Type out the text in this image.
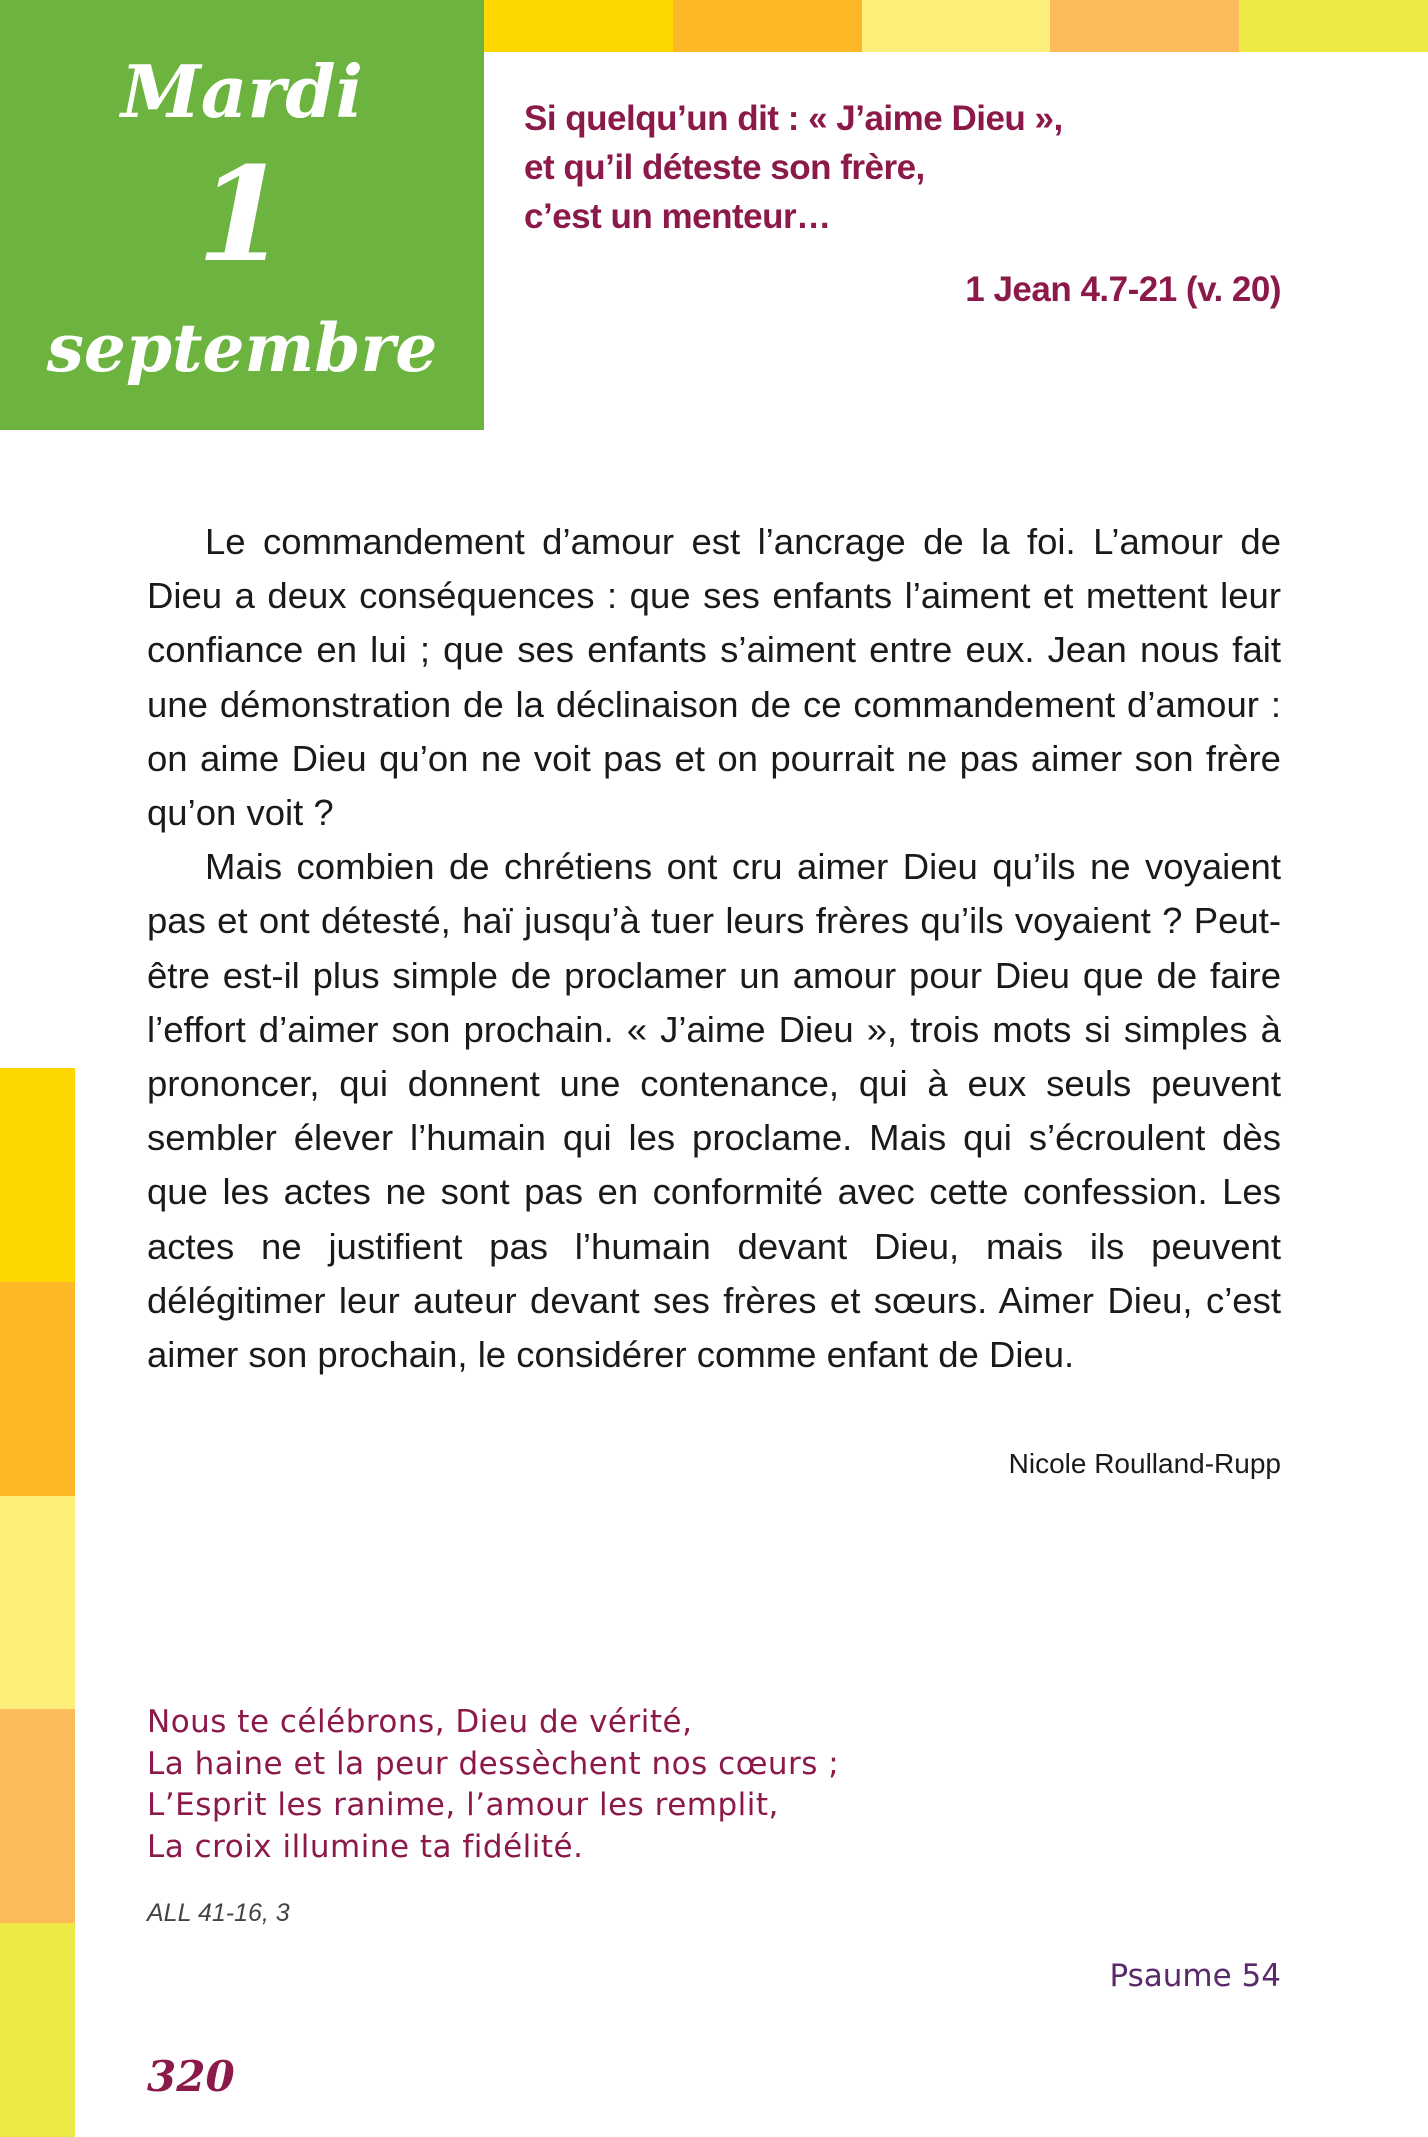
Mardi
1
septembre
Si quelqu’un dit : « J’aime Dieu »,
et qu’il déteste son frère,
c’est un menteur…
1 Jean 4.7-21 (v. 20)

Le commandement d’amour est l’ancrage de la foi. L’amour de Dieu a deux conséquences : que ses enfants l’aiment et mettent leur confiance en lui ; que ses enfants s’aiment entre eux. Jean nous fait une démonstration de la déclinaison de ce commandement d’amour : on aime Dieu qu’on ne voit pas et on pourrait ne pas aimer son frère qu’on voit ?

Mais combien de chrétiens ont cru aimer Dieu qu’ils ne voyaient pas et ont détesté, haï jusqu’à tuer leurs frères qu’ils voyaient ? Peut-être est-il plus simple de proclamer un amour pour Dieu que de faire l’effort d’aimer son prochain. « J’aime Dieu », trois mots si simples à prononcer, qui donnent une contenance, qui à eux seuls peuvent sembler élever l’humain qui les proclame. Mais qui s’écroulent dès que les actes ne sont pas en conformité avec cette confession. Les actes ne justifient pas l’humain devant Dieu, mais ils peuvent délégitimer leur auteur devant ses frères et sœurs. Aimer Dieu, c’est aimer son prochain, le considérer comme enfant de Dieu.

Nicole Roulland-Rupp
Nous te célébrons, Dieu de vérité,
La haine et la peur dessèchent nos cœurs ;
L’Esprit les ranime, l’amour les remplit,
La croix illumine ta fidélité.
ALL 41-16, 3
Psaume 54
320
